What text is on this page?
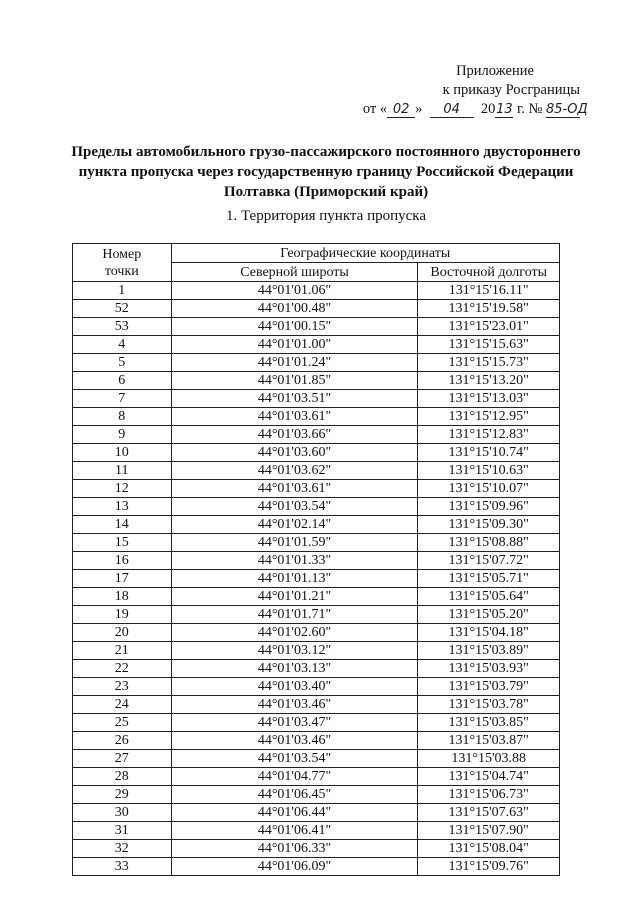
Приложение
к приказу Росграницы
от « 02 » 04 2013 г. № 85-ОД
Пределы автомобильного грузо-пассажирского постоянного двустороннего
пункта пропуска через государственную границу Российской Федерации
Полтавка (Приморский край)
1. Территория пункта пропуска
Номер
точки	Географические координаты	
	Северной широты	Восточной долготы
1	44°01'01.06"	131°15'16.11"
52	44°01'00.48"	131°15'19.58"
53	44°01'00.15"	131°15'23.01"
4	44°01'01.00"	131°15'15.63"
5	44°01'01.24"	131°15'15.73"
6	44°01'01.85"	131°15'13.20"
7	44°01'03.51"	131°15'13.03"
8	44°01'03.61"	131°15'12.95"
9	44°01'03.66"	131°15'12.83"
10	44°01'03.60"	131°15'10.74"
11	44°01'03.62"	131°15'10.63"
12	44°01'03.61"	131°15'10.07"
13	44°01'03.54"	131°15'09.96"
14	44°01'02.14"	131°15'09.30"
15	44°01'01.59"	131°15'08.88"
16	44°01'01.33"	131°15'07.72"
17	44°01'01.13"	131°15'05.71"
18	44°01'01.21"	131°15'05.64"
19	44°01'01.71"	131°15'05.20"
20	44°01'02.60"	131°15'04.18"
21	44°01'03.12"	131°15'03.89"
22	44°01'03.13"	131°15'03.93"
23	44°01'03.40"	131°15'03.79"
24	44°01'03.46"	131°15'03.78"
25	44°01'03.47"	131°15'03.85"
26	44°01'03.46"	131°15'03.87"
27	44°01'03.54"	131°15'03.88
28	44°01'04.77"	131°15'04.74"
29	44°01'06.45"	131°15'06.73"
30	44°01'06.44"	131°15'07.63"
31	44°01'06.41"	131°15'07.90"
32	44°01'06.33"	131°15'08.04"
33	44°01'06.09"	131°15'09.76"
